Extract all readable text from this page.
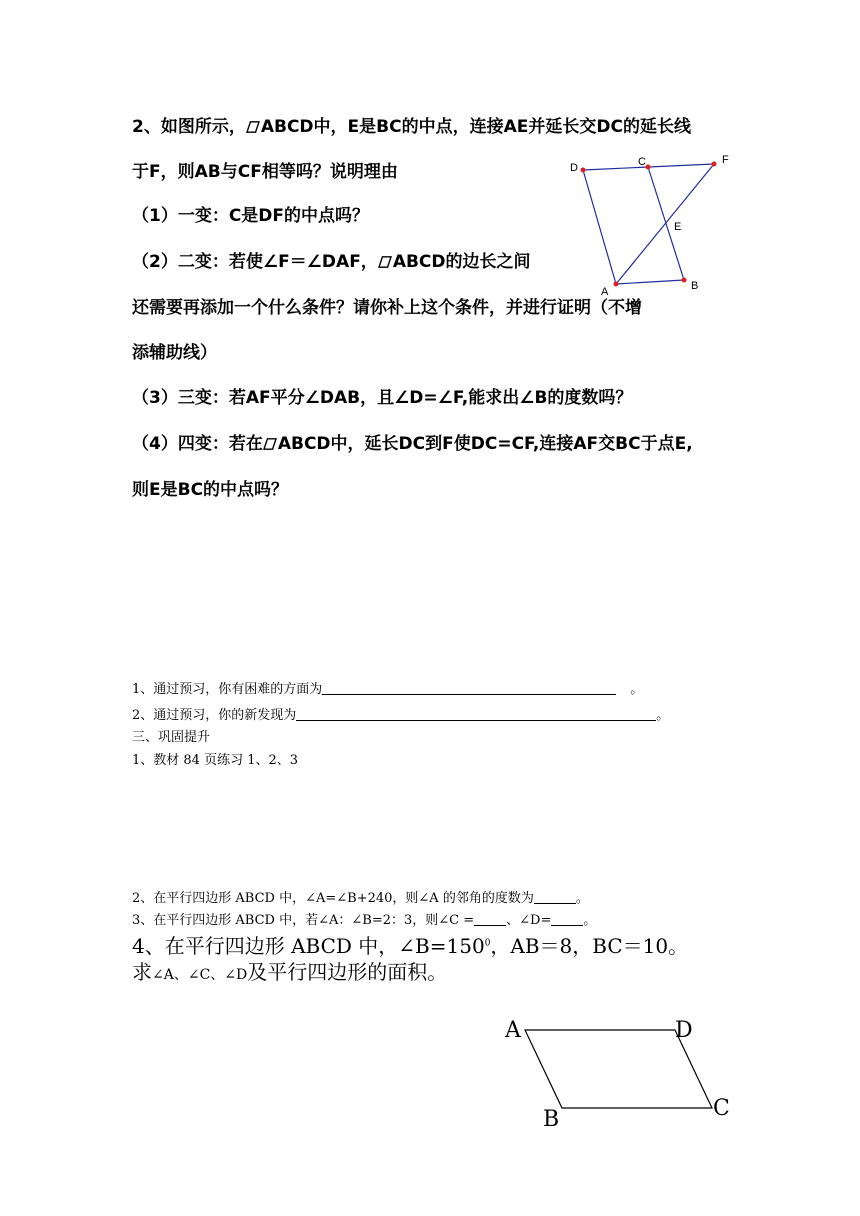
2、如图所示， ABCD中，E是BC的中点，连接AE并延长交DC的延长线
于F，则AB与CF相等吗？说明理由
（1）一变：C是DF的中点吗？
（2）二变：若使∠F＝∠DAF， ABCD的边长之间
还需要再添加一个什么条件？请你补上这个条件，并进行证明（不增
添辅助线）
（3）三变：若AF平分∠DAB，且∠D=∠F,能求出∠B的度数吗？
（4）四变：若在 ABCD中，延长DC到F使DC=CF,连接AF交BC于点E,
则E是BC的中点吗？
D	C	F
E
A	B
A	D
B	C
1、通过预习，你有困难的方面为	。
2、通过预习，你的新发现为	。
三、巩固提升
1、教材 84 页练习 1、2、3
2、在平行四边形 ABCD 中，∠A=∠B+240，则∠A 的邻角的度数为	。
3、在平行四边形 ABCD 中，若∠A：∠B=2：3，则∠C = 、∠D= 。
4、在平行四边形 ABCD 中，$\angle B=150^0$，AB＝8，BC＝10。
求∠A、∠C、∠D及平行四边形的面积。
